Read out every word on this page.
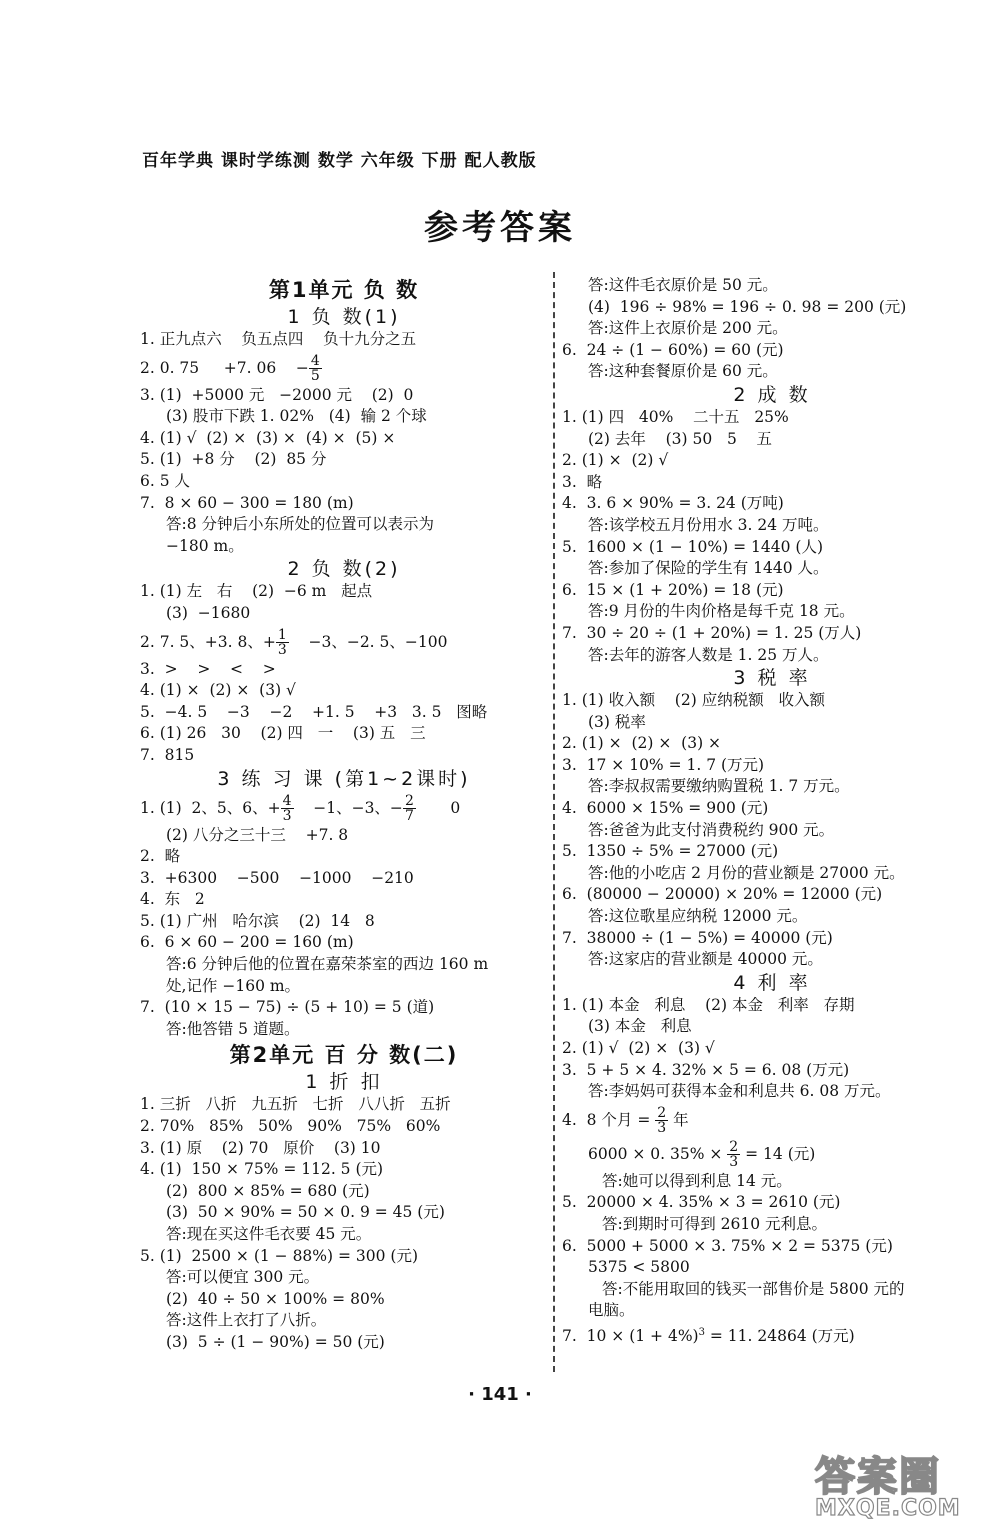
百年学典 课时学练测 数学 六年级 下册 配人教版
参考答案
第1单元 负 数
1 负 数(1)
1. 正九点六    负五点四    负十九分之五
2. 0. 75     +7. 06    − $\frac{4}{5}$
3. (1)  +5000 元   −2000 元    (2)  0
(3) 股市下跌 1. 02%   (4)  输 2 个球
4. (1) √  (2) ×  (3) ×  (4) ×  (5) ×
5. (1)  +8 分    (2)  85 分
6. 5 人
7.  8 × 60 − 300 = 180 (m)
答:8 分钟后小东所处的位置可以表示为
−180 m。
2 负 数(2)
1. (1) 左   右    (2)  −6 m   起点
(3)  −1680
2. 7. 5、+3. 8、+ $\frac{1}{3} -3$、−2. 5、−100
3.  >    >    <    >
4. (1) ×  (2) ×  (3) √
5.  −4. 5    −3    −2    +1. 5    +3   3. 5   图略
6. (1) 26   30    (2) 四   一    (3) 五   三
7.  815
3 练 习 课 (第1~2课时)
1. (1)  2、5、6、+ $\frac{4}{3} -1$、−3、− $\frac{2}{7} 0$
(2) 八分之三十三    +7. 8
2.  略
3.  +6300    −500    −1000    −210
4.  东   2
5. (1) 广州   哈尔滨    (2)  14   8
6.  6 × 60 − 200 = 160 (m)
答:6 分钟后他的位置在嘉荣茶室的西边 160 m
处,记作 −160 m。
7.  (10 × 15 − 75) ÷ (5 + 10) = 5 (道)
答:他答错 5 道题。
第2单元 百 分 数(二)
1 折 扣
1. 三折   八折   九五折   七折   八八折   五折
2. 70%   85%   50%   90%   75%   60%
3. (1) 原    (2) 70   原价    (3) 10
4. (1)  150 × 75% = 112. 5 (元)
(2)  800 × 85% = 680 (元)
(3)  50 × 90% = 50 × 0. 9 = 45 (元)
答:现在买这件毛衣要 45 元。
5. (1)  2500 × (1 − 88%) = 300 (元)
答:可以便宜 300 元。
(2)  40 ÷ 50 × 100% = 80%
答:这件上衣打了八折。
(3)  5 ÷ (1 − 90%) = 50 (元)
答:这件毛衣原价是 50 元。
(4)  196 ÷ 98% = 196 ÷ 0. 98 = 200 (元)
答:这件上衣原价是 200 元。
6.  24 ÷ (1 − 60%) = 60 (元)
答:这种套餐原价是 60 元。
2 成 数
1. (1) 四   40%    二十五   25%
(2) 去年    (3) 50   5    五
2. (1) ×  (2) √
3.  略
4.  3. 6 × 90% = 3. 24 (万吨)
答:该学校五月份用水 3. 24 万吨。
5.  1600 × (1 − 10%) = 1440 (人)
答:参加了保险的学生有 1440 人。
6.  15 × (1 + 20%) = 18 (元)
答:9 月份的牛肉价格是每千克 18 元。
7.  30 ÷ 20 ÷ (1 + 20%) = 1. 25 (万人)
答:去年的游客人数是 1. 25 万人。
3 税 率
1. (1) 收入额    (2) 应纳税额   收入额
(3) 税率
2. (1) ×  (2) ×  (3) ×
3.  17 × 10% = 1. 7 (万元)
答:李叔叔需要缴纳购置税 1. 7 万元。
4.  6000 × 15% = 900 (元)
答:爸爸为此支付消费税约 900 元。
5.  1350 ÷ 5% = 27000 (元)
答:他的小吃店 2 月份的营业额是 27000 元。
6.  (80000 − 20000) × 20% = 12000 (元)
答:这位歌星应纳税 12000 元。
7.  38000 ÷ (1 − 5%) = 40000 (元)
答:这家店的营业额是 40000 元。
4 利 率
1. (1) 本金   利息    (2) 本金   利率   存期
(3) 本金   利息
2. (1) √  (2) ×  (3) √
3.  5 + 5 × 4. 32% × 5 = 6. 08 (万元)
答:李妈妈可获得本金和利息共 6. 08 万元。
4.  8 个月 = $\frac{2}{3}$ 年
6000 × 0. $35\% \times \frac{2}{3} = 14$ (元)
答:她可以得到利息 14 元。
5.  20000 × 4. 35% × 3 = 2610 (元)
答:到期时可得到 2610 元利息。
6.  5000 + 5000 × 3. 75% × 2 = 5375 (元)
5375 < 5800
答:不能用取回的钱买一部售价是 5800 元的
电脑。
7.  $10 \times (1 + 4\%)^3 = 11$. 24864 (万元)
· 141 ·
答案圈
MXQE.COM
